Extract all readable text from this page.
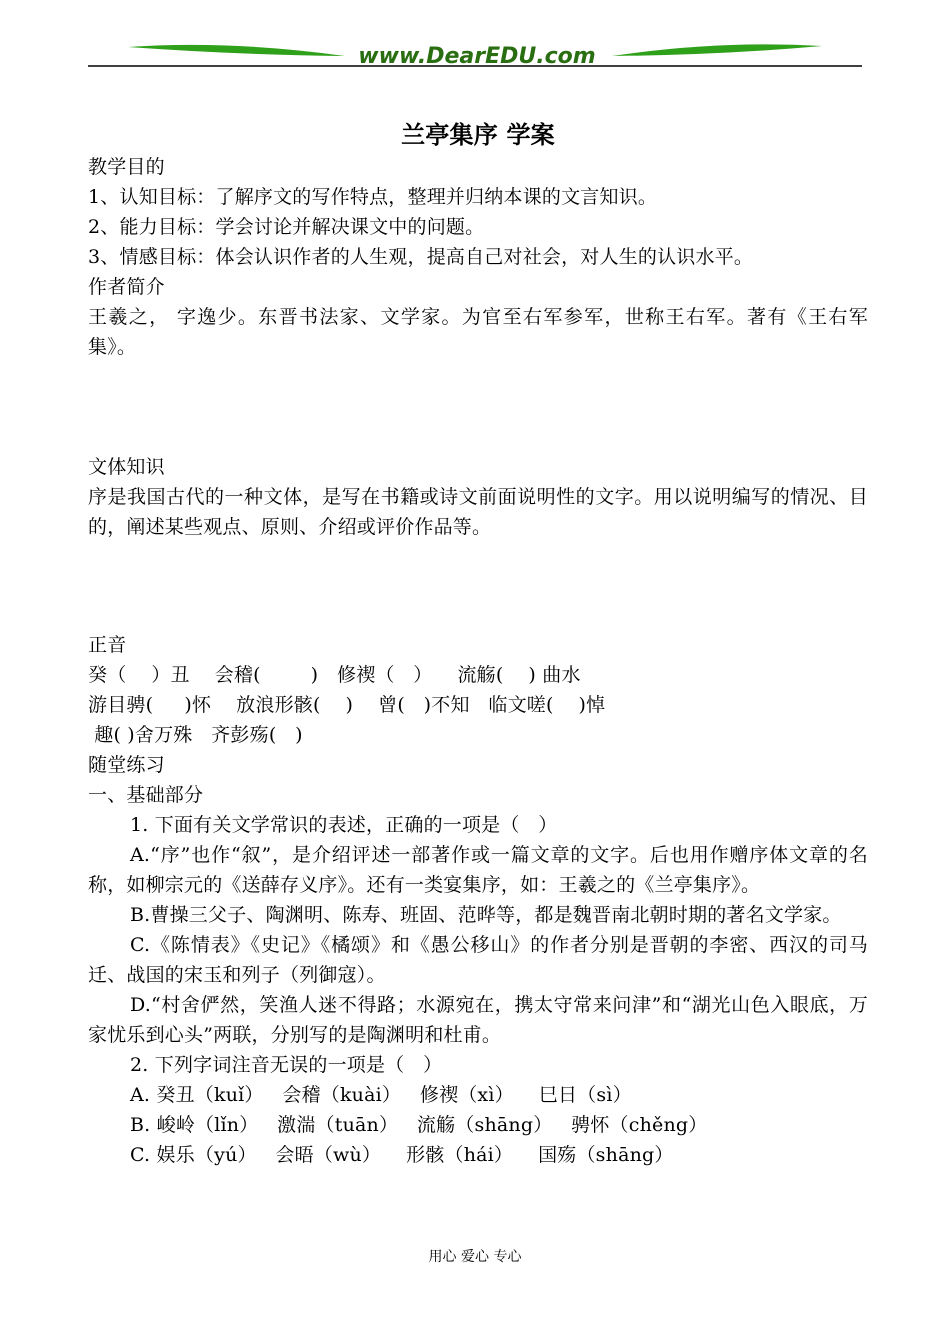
www.DearEDU.com
兰亭集序 学案
教学目的
1、认知目标：了解序文的写作特点，整理并归纳本课的文言知识。
2、能力目标：学会讨论并解决课文中的问题。
3、情感目标：体会认识作者的人生观，提高自己对社会，对人生的认识水平。
作者简介
王羲之， 字逸少。东晋书法家、文学家。为官至右军参军，世称王右军。著有《王右军集》。
文体知识
序是我国古代的一种文体，是写在书籍或诗文前面说明性的文字。用以说明编写的情况、目的，阐述某些观点、原则、介绍或评价作品等。
正音
癸（    ）丑    会稽(        )   修禊（   ）    流觞(    ) 曲水
游目骋(     )怀    放浪形骸(    )    曾(   )不知   临文嗟(    )悼
趣( )舍万殊   齐彭殇(   )
随堂练习
一、基础部分
1. 下面有关文学常识的表述，正确的一项是（   ）
A.“序”也作“叙”，是介绍评述一部著作或一篇文章的文字。后也用作赠序体文章的名称，如柳宗元的《送薛存义序》。还有一类宴集序，如：王羲之的《兰亭集序》。
B.曹操三父子、陶渊明、陈寿、班固、范晔等，都是魏晋南北朝时期的著名文学家。
C.《陈情表》《史记》《橘颂》和《愚公移山》的作者分别是晋朝的李密、西汉的司马迁、战国的宋玉和列子（列御寇）。
D.“村舍俨然，笑渔人迷不得路；水源宛在，携太守常来问津”和“湖光山色入眼底，万家忧乐到心头”两联，分别写的是陶渊明和杜甫。
2. 下列字词注音无误的一项是（   ）
A. 癸丑（kuǐ）   会稽（kuài）   修禊（xì）    巳日（sì）
B. 峻岭（lǐn）   激湍（tuān）   流觞（shāng）   骋怀（chěng）
C. 娱乐（yú）   会晤（wù）    形骸（hái）    国殇（shāng）
用心 爱心 专心
